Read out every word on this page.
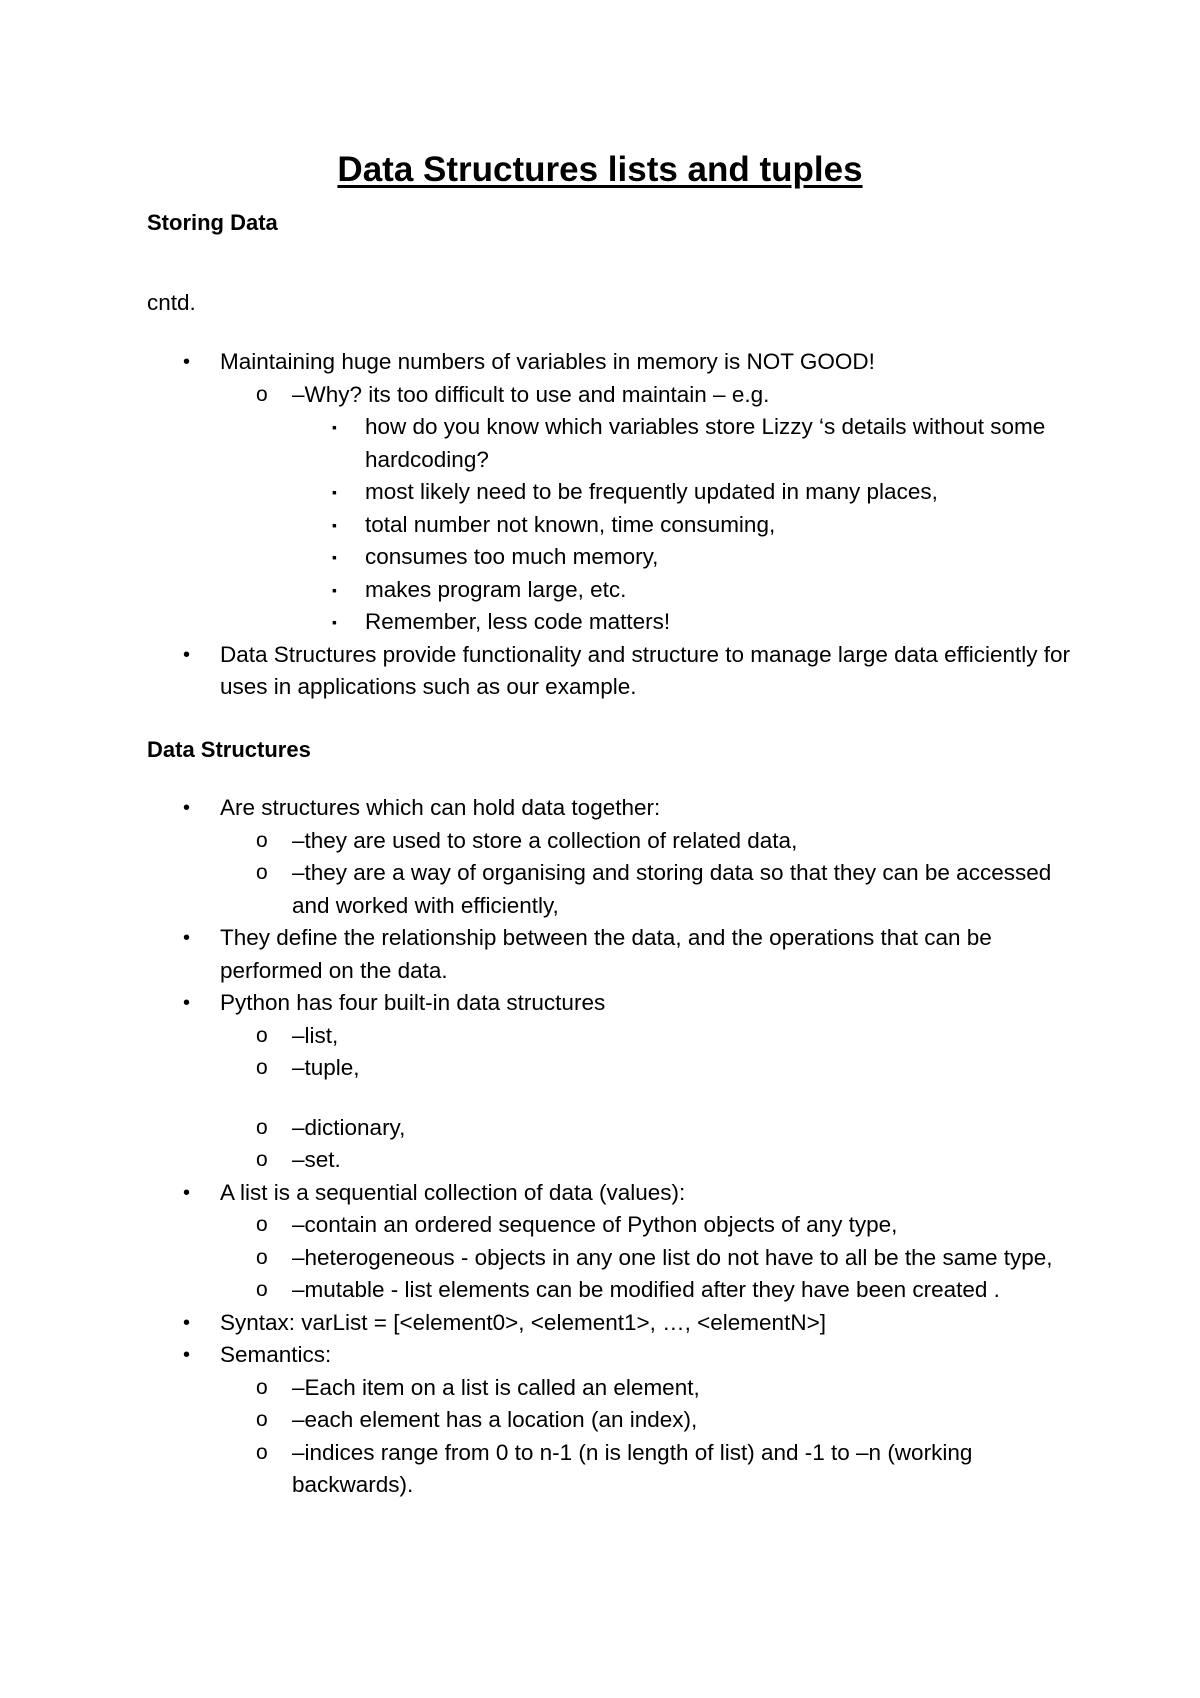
Data Structures lists and tuples

Storing Data

cntd.

• Maintaining huge numbers of variables in memory is NOT GOOD!
o –Why? its too difficult to use and maintain – e.g.
▪ how do you know which variables store Lizzy ‘s details without some hardcoding?
▪ most likely need to be frequently updated in many places,
▪ total number not known, time consuming,
▪ consumes too much memory,
▪ makes program large, etc.
▪ Remember, less code matters!
• Data Structures provide functionality and structure to manage large data efficiently for uses in applications such as our example.

Data Structures

• Are structures which can hold data together:
o –they are used to store a collection of related data,
o –they are a way of organising and storing data so that they can be accessed and worked with efficiently,
• They define the relationship between the data, and the operations that can be performed on the data.
• Python has four built-in data structures
o –list,
o –tuple,
o –dictionary,
o –set.
• A list is a sequential collection of data (values):
o –contain an ordered sequence of Python objects of any type,
o –heterogeneous - objects in any one list do not have to all be the same type,
o –mutable - list elements can be modified after they have been created .
• Syntax: varList = [<element0>, <element1>, …, <elementN>]
• Semantics:
o –Each item on a list is called an element,
o –each element has a location (an index),
o –indices range from 0 to n-1 (n is length of list) and -1 to –n (working backwards).
